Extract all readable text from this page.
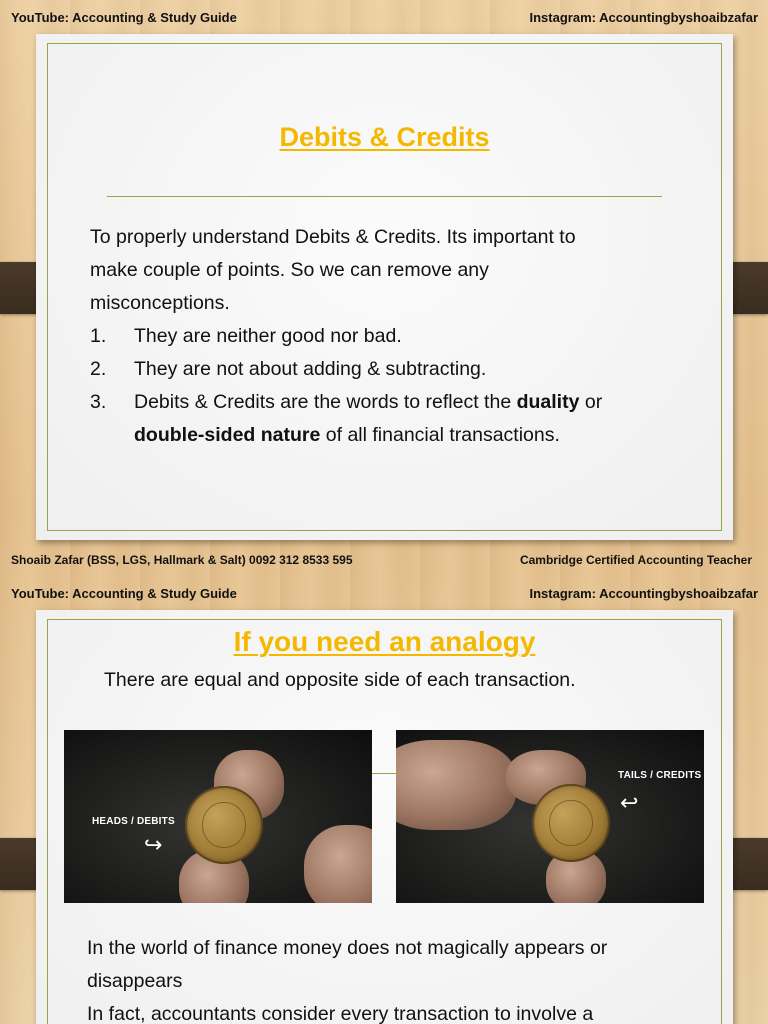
YouTube: Accounting & Study Guide	Instagram: Accountingbyshoaibzafar
Debits & Credits
To properly understand Debits & Credits. Its important to
make couple of points. So we can remove any
misconceptions.
1. They are neither good nor bad.
2. They are not about adding & subtracting.
3. Debits & Credits are the words to reflect the duality or
double-sided nature of all financial transactions.
Shoaib Zafar (BSS, LGS, Hallmark & Salt) 0092 312 8533 595	Cambridge Certified Accounting Teacher
YouTube: Accounting & Study Guide	Instagram: Accountingbyshoaibzafar
If you need an analogy
There are equal and opposite side of each transaction.
HEADS / DEBITS
↪
TAILS / CREDITS
↩
In the world of finance money does not magically appears or
disappears
In fact, accountants consider every transaction to involve a
